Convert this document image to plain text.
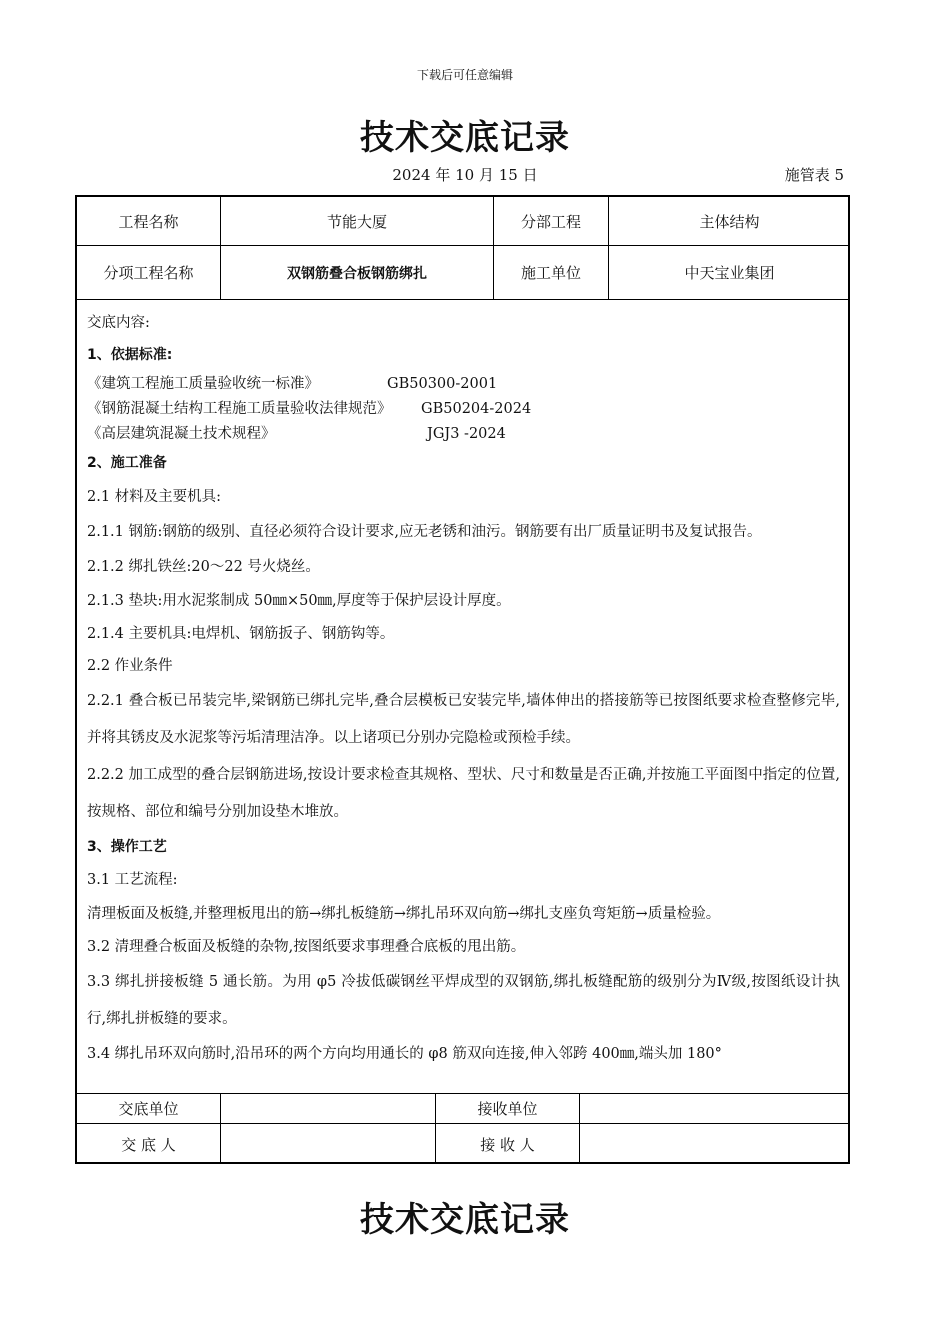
下载后可任意编辑
技术交底记录
2024 年 10 月 15 日	施管表 5
工程名称	节能大厦	分部工程	主体结构
分项工程名称	双钢筋叠合板钢筋绑扎	施工单位	中天宝业集团
交底内容:
1、依据标准:
《建筑工程施工质量验收统一标准》	GB50300-2001
《钢筋混凝土结构工程施工质量验收法律规范》 GB50204-2024
《高层建筑混凝土技术规程》	JGJ3 -2024
2、施工准备
2.1 材料及主要机具:
2.1.1 钢筋:钢筋的级别、直径必须符合设计要求,应无老锈和油污。钢筋要有出厂质量证明书及复试报告。
2.1.2 绑扎铁丝:20～22 号火烧丝。
2.1.3 垫块:用水泥浆制成 50㎜×50㎜,厚度等于保护层设计厚度。
2.1.4 主要机具:电焊机、钢筋扳子、钢筋钩等。
2.2 作业条件
2.2.1 叠合板已吊装完毕,梁钢筋已绑扎完毕,叠合层模板已安装完毕,墙体伸出的搭接筋等已按图纸要求检查整修完毕,并将其锈皮及水泥浆等污垢清理洁净。以上诸项已分别办完隐检或预检手续。
2.2.2 加工成型的叠合层钢筋进场,按设计要求检查其规格、型状、尺寸和数量是否正确,并按施工平面图中指定的位置,按规格、部位和编号分别加设垫木堆放。
3、操作工艺
3.1 工艺流程:
清理板面及板缝,并整理板甩出的筋→绑扎板缝筋→绑扎吊环双向筋→绑扎支座负弯矩筋→质量检验。
3.2 清理叠合板面及板缝的杂物,按图纸要求事理叠合底板的甩出筋。
3.3 绑扎拼接板缝 5 通长筋。为用 φ5 冷拔低碳钢丝平焊成型的双钢筋,绑扎板缝配筋的级别分为Ⅳ级,按图纸设计执行,绑扎拼板缝的要求。
3.4 绑扎吊环双向筋时,沿吊环的两个方向均用通长的 φ8 筋双向连接,伸入邻跨 400㎜,端头加 180°
交底单位	接收单位
交 底 人	接 收 人
技术交底记录
